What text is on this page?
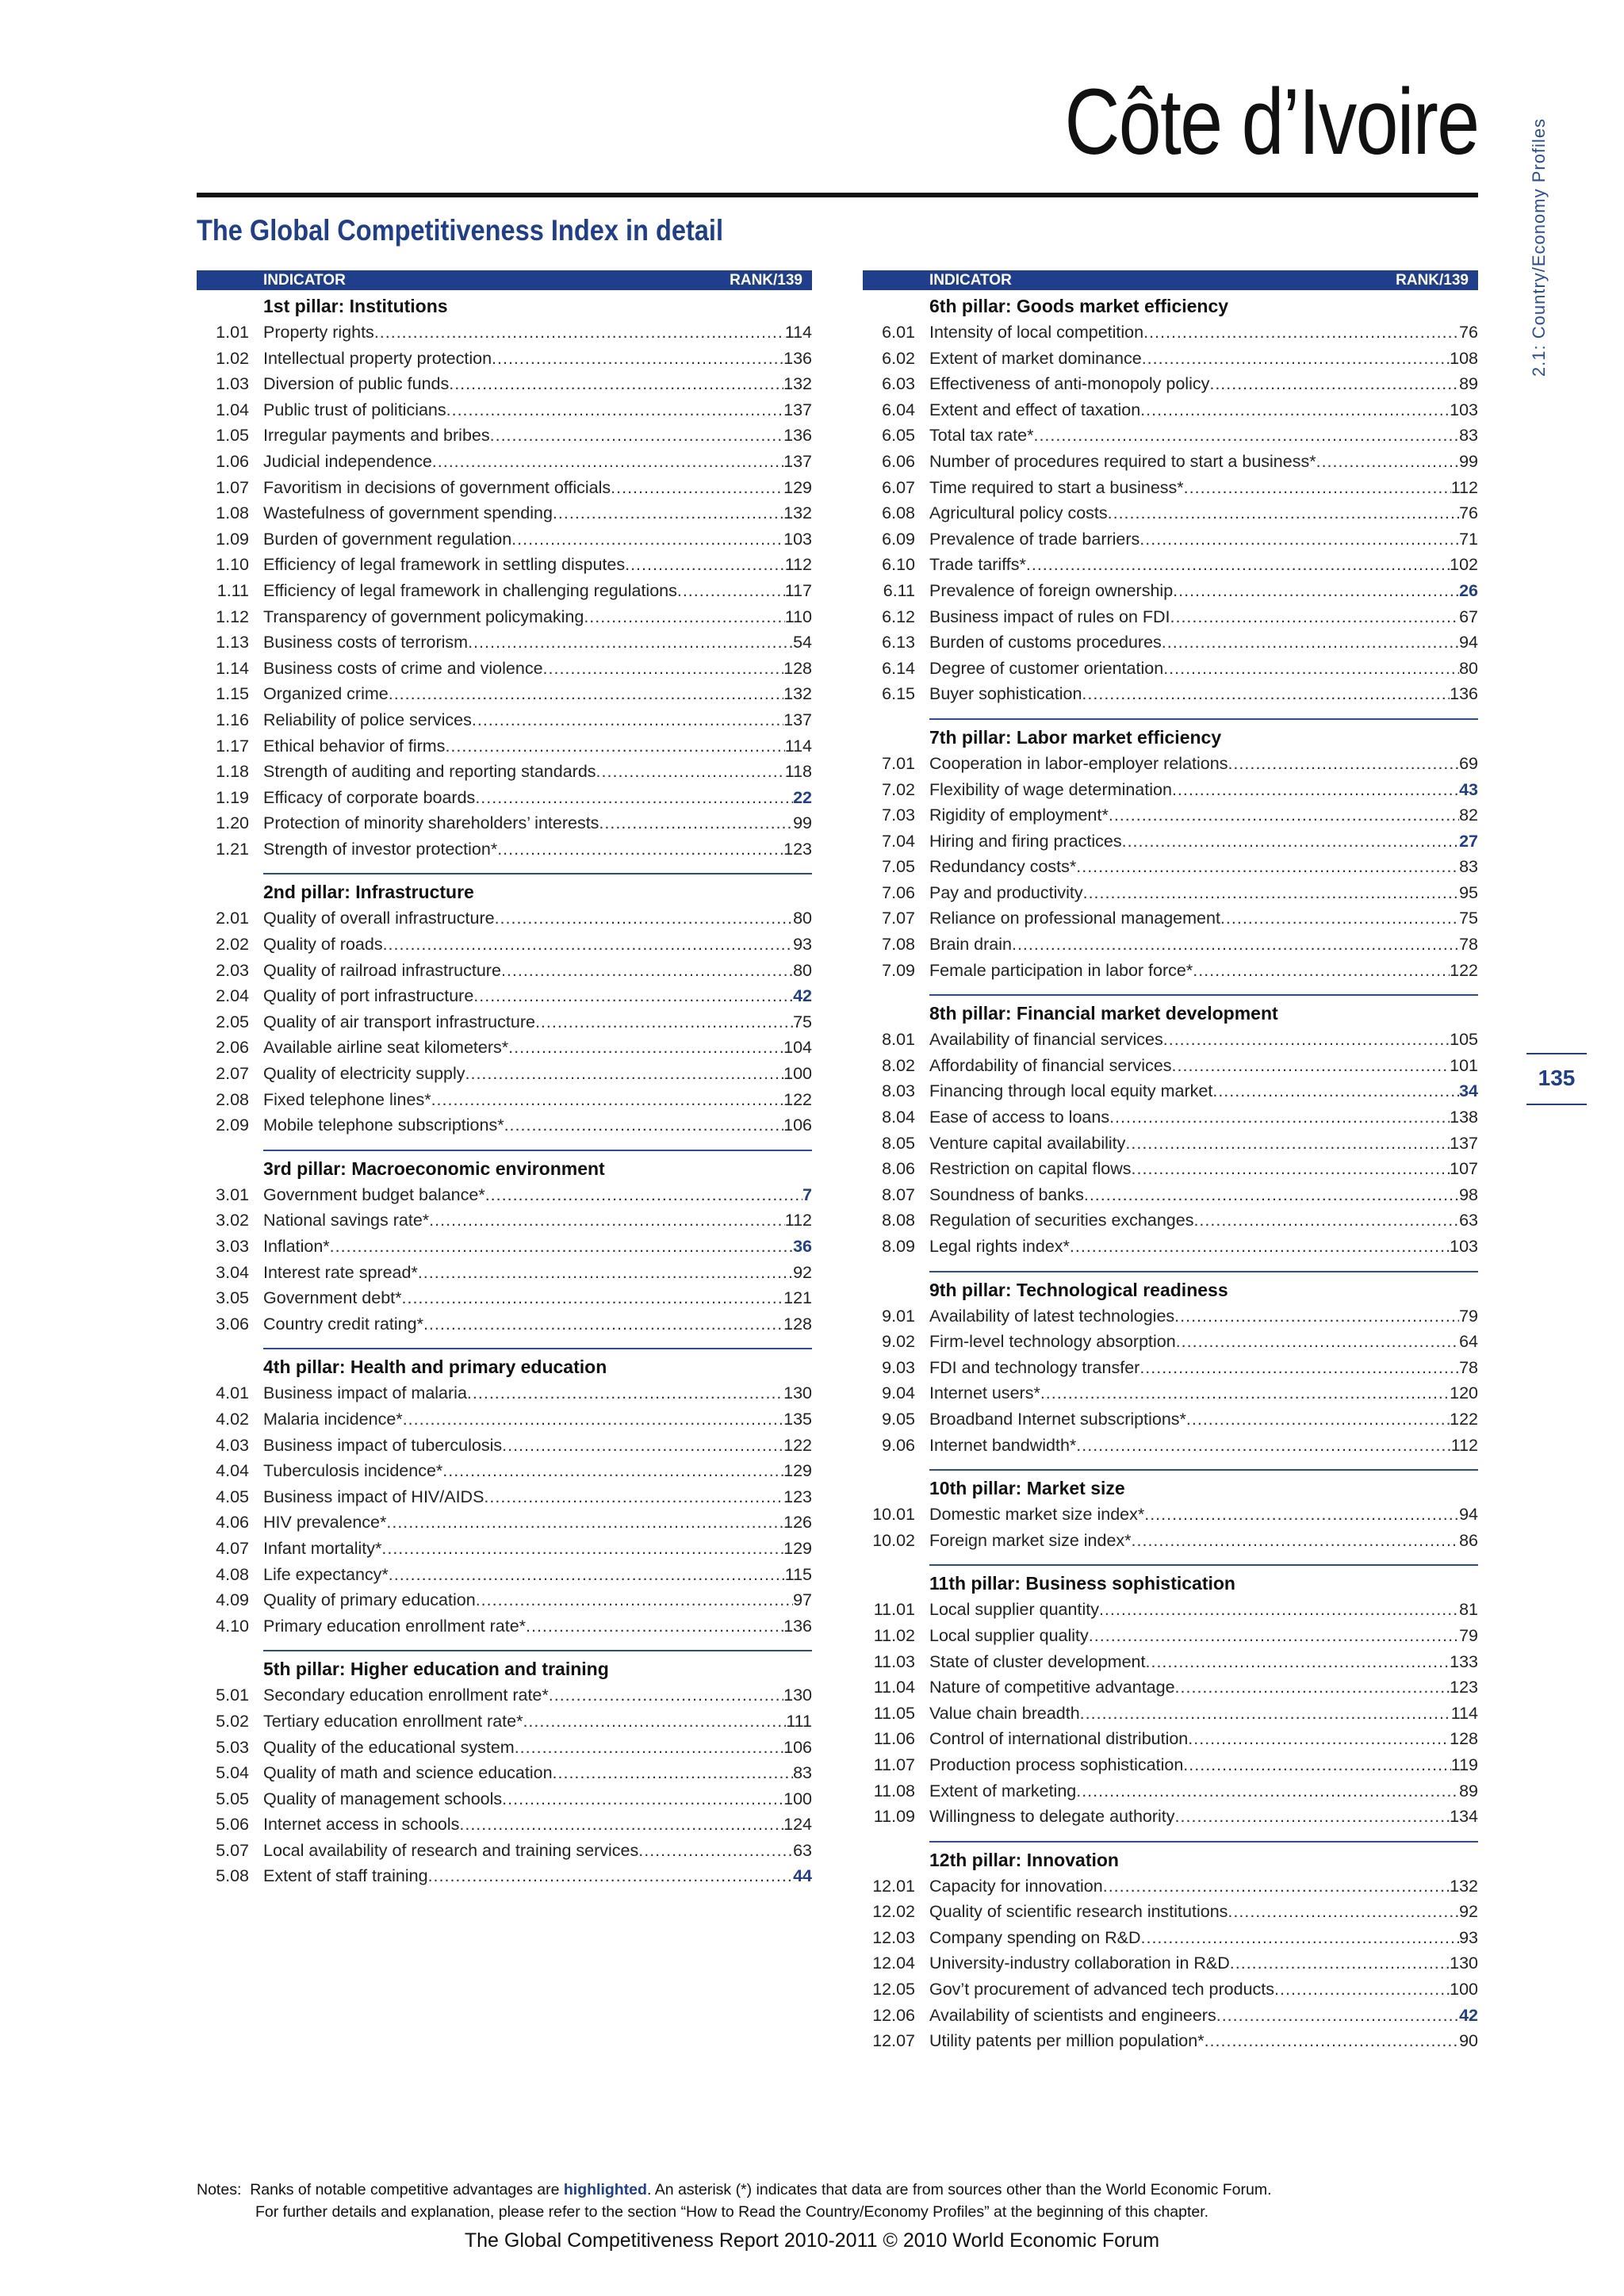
Côte d’Ivoire
The Global Competitiveness Index in detail	2.1: Country/Economy Profiles
135
INDICATOR	RANK/139
1st pillar: Institutions
1.01 Property rights .....	114
1.02 Intellectual property protection .....	136
1.03 Diversion of public funds .....	132
1.04 Public trust of politicians .....	137
1.05 Irregular payments and bribes .....	136
1.06 Judicial independence .....	137
1.07 Favoritism in decisions of government officials .....	129
1.08 Wastefulness of government spending .....	132
1.09 Burden of government regulation .....	103
1.10 Efficiency of legal framework in settling disputes .....	112
1.11 Efficiency of legal framework in challenging regulations .....	117
1.12 Transparency of government policymaking .....	110
1.13 Business costs of terrorism .....	54
1.14 Business costs of crime and violence .....	128
1.15 Organized crime .....	132
1.16 Reliability of police services .....	137
1.17 Ethical behavior of firms .....	114
1.18 Strength of auditing and reporting standards .....	118
1.19 Efficacy of corporate boards .....	22
1.20 Protection of minority shareholders’ interests .....	99
1.21 Strength of investor protection* .....	123
2nd pillar: Infrastructure
2.01 Quality of overall infrastructure .....	80
2.02 Quality of roads .....	93
2.03 Quality of railroad infrastructure .....	80
2.04 Quality of port infrastructure .....	42
2.05 Quality of air transport infrastructure .....	75
2.06 Available airline seat kilometers* .....	104
2.07 Quality of electricity supply .....	100
2.08 Fixed telephone lines* .....	122
2.09 Mobile telephone subscriptions* .....	106
3rd pillar: Macroeconomic environment
3.01 Government budget balance* .....	7
3.02 National savings rate* .....	112
3.03 Inflation* .....	36
3.04 Interest rate spread* .....	92
3.05 Government debt* .....	121
3.06 Country credit rating* .....	128
4th pillar: Health and primary education
4.01 Business impact of malaria .....	130
4.02 Malaria incidence* .....	135
4.03 Business impact of tuberculosis .....	122
4.04 Tuberculosis incidence* .....	129
4.05 Business impact of HIV/AIDS .....	123
4.06 HIV prevalence* .....	126
4.07 Infant mortality* .....	129
4.08 Life expectancy* .....	115
4.09 Quality of primary education .....	97
4.10 Primary education enrollment rate* .....	136
5th pillar: Higher education and training
5.01 Secondary education enrollment rate* .....	130
5.02 Tertiary education enrollment rate* .....	111
5.03 Quality of the educational system .....	106
5.04 Quality of math and science education .....	83
5.05 Quality of management schools .....	100
5.06 Internet access in schools .....	124
5.07 Local availability of research and training services .....	63
5.08 Extent of staff training .....	44
INDICATOR	RANK/139
6th pillar: Goods market efficiency
6.01 Intensity of local competition .....	76
6.02 Extent of market dominance .....	108
6.03 Effectiveness of anti-monopoly policy .....	89
6.04 Extent and effect of taxation .....	103
6.05 Total tax rate* .....	83
6.06 Number of procedures required to start a business* .....	99
6.07 Time required to start a business* .....	112
6.08 Agricultural policy costs .....	76
6.09 Prevalence of trade barriers .....	71
6.10 Trade tariffs* .....	102
6.11 Prevalence of foreign ownership .....	26
6.12 Business impact of rules on FDI .....	67
6.13 Burden of customs procedures .....	94
6.14 Degree of customer orientation .....	80
6.15 Buyer sophistication .....	136
7th pillar: Labor market efficiency
7.01 Cooperation in labor-employer relations .....	69
7.02 Flexibility of wage determination .....	43
7.03 Rigidity of employment* .....	82
7.04 Hiring and firing practices .....	27
7.05 Redundancy costs* .....	83
7.06 Pay and productivity .....	95
7.07 Reliance on professional management .....	75
7.08 Brain drain .....	78
7.09 Female participation in labor force* .....	122
8th pillar: Financial market development
8.01 Availability of financial services .....	105
8.02 Affordability of financial services .....	101
8.03 Financing through local equity market .....	34
8.04 Ease of access to loans .....	138
8.05 Venture capital availability .....	137
8.06 Restriction on capital flows .....	107
8.07 Soundness of banks .....	98
8.08 Regulation of securities exchanges .....	63
8.09 Legal rights index* .....	103
9th pillar: Technological readiness
9.01 Availability of latest technologies .....	79
9.02 Firm-level technology absorption .....	64
9.03 FDI and technology transfer .....	78
9.04 Internet users* .....	120
9.05 Broadband Internet subscriptions* .....	122
9.06 Internet bandwidth* .....	112
10th pillar: Market size
10.01 Domestic market size index* .....	94
10.02 Foreign market size index* .....	86
11th pillar: Business sophistication
11.01 Local supplier quantity .....	81
11.02 Local supplier quality .....	79
11.03 State of cluster development .....	133
11.04 Nature of competitive advantage .....	123
11.05 Value chain breadth .....	114
11.06 Control of international distribution .....	128
11.07 Production process sophistication .....	119
11.08 Extent of marketing .....	89
11.09 Willingness to delegate authority .....	134
12th pillar: Innovation
12.01 Capacity for innovation .....	132
12.02 Quality of scientific research institutions .....	92
12.03 Company spending on R&D .....	93
12.04 University-industry collaboration in R&D .....	130
12.05 Gov’t procurement of advanced tech products .....	100
12.06 Availability of scientists and engineers .....	42
12.07 Utility patents per million population* .....	90
Notes: Ranks of notable competitive advantages are highlighted. An asterisk (*) indicates that data are from sources other than the World Economic Forum.
For further details and explanation, please refer to the section “How to Read the Country/Economy Profiles” at the beginning of this chapter.
The Global Competitiveness Report 2010-2011 © 2010 World Economic Forum
